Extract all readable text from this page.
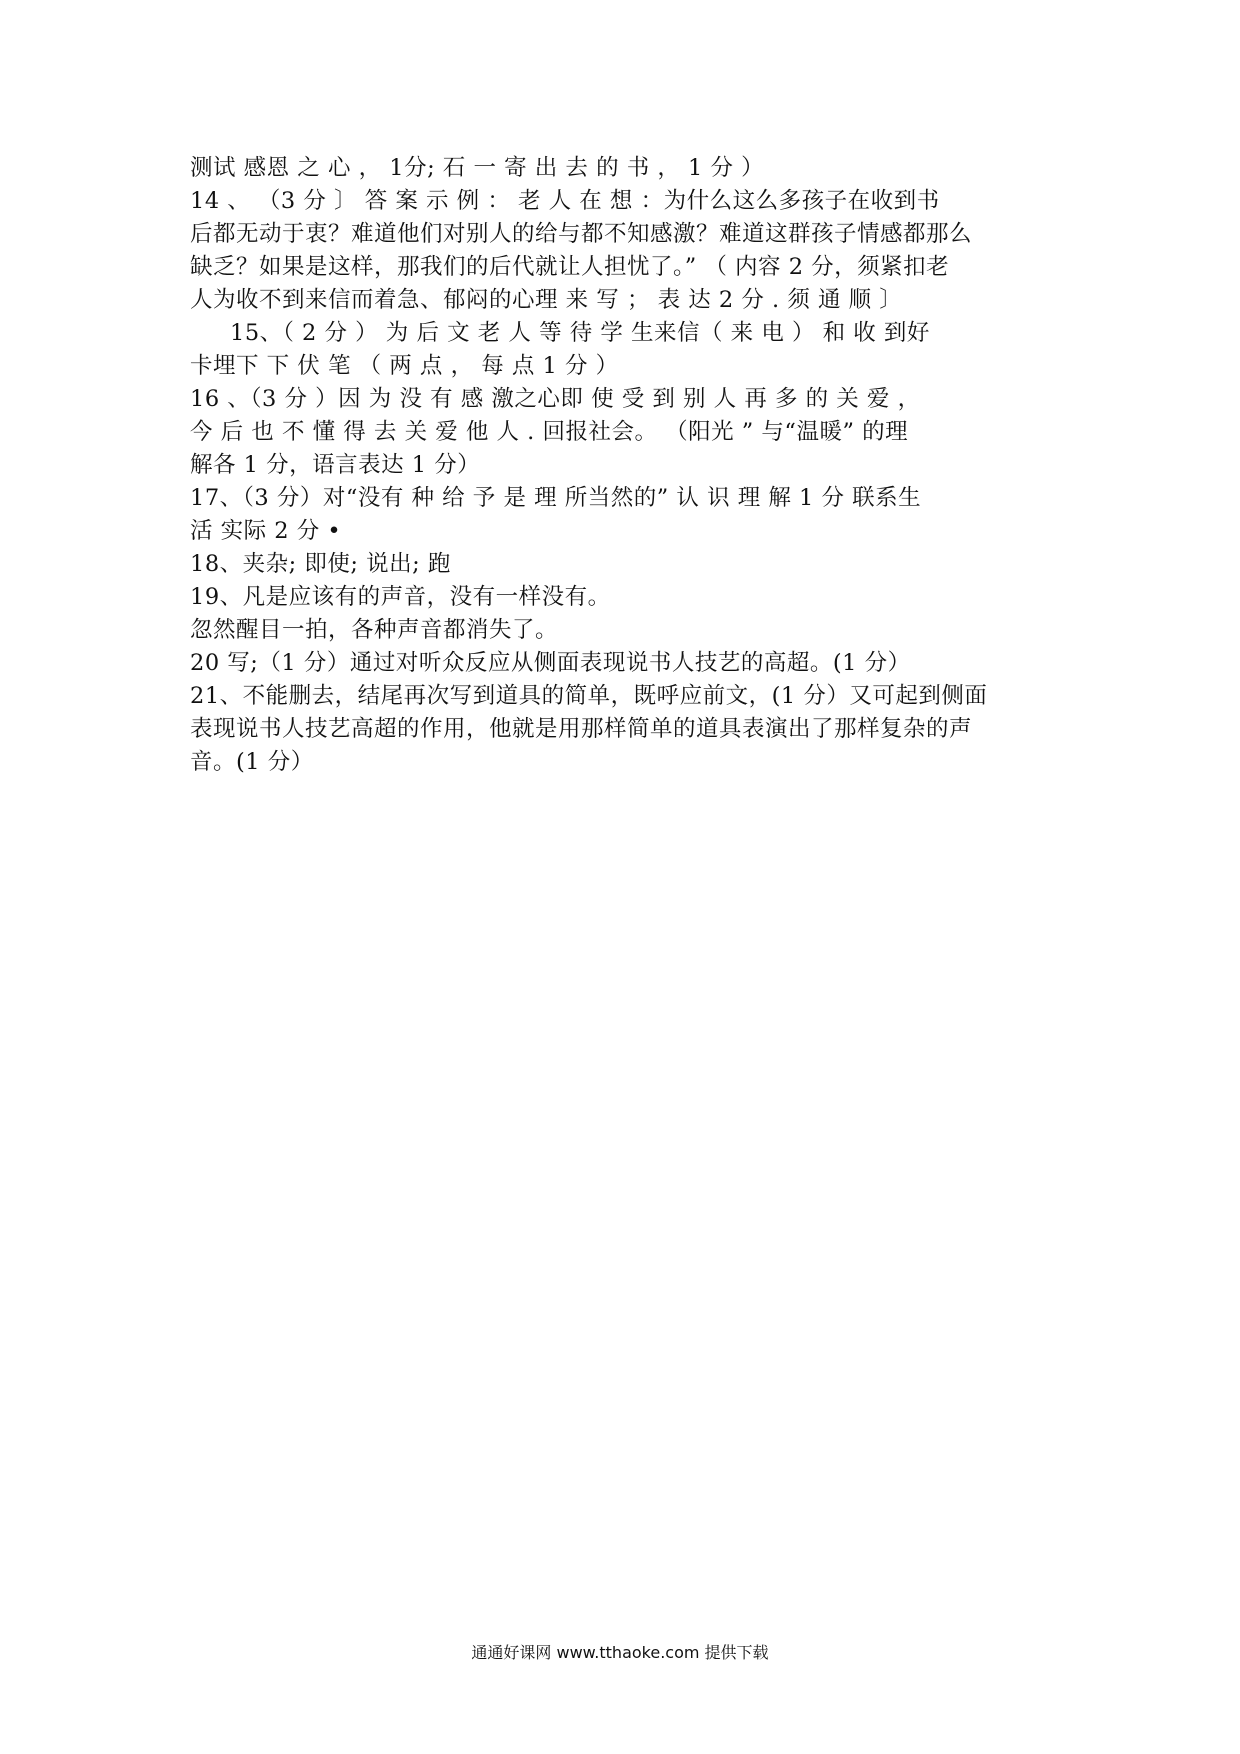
测试 感恩 之 心 ， 1分; 石 一 寄 出 去 的 书 ， 1 分 ）
14 、 （3 分 〕 答 案 示 例 ： 老 人 在 想 ：为什么这么多孩子在收到书
后都无动于衷？难道他们对别人的给与都不知感激？难道这群孩子情感都那么
缺乏？如果是这样，那我们的后代就让人担忧了。” （ 内容 2 分，须紧扣老
人为收不到来信而着急、郁闷的心理 来 写 ； 表 达 2 分 . 须 通 顺 〕
15、（ 2 分 ） 为 后 文 老 人 等 待 学 生来信（ 来 电 ） 和 收 到好
卡埋下 下 伏 笔 （ 两 点 ， 每 点 1 分 ）
16 、（3 分 ）因 为 没 有 感 激之心即 使 受 到 别 人 再 多 的 关 爱 ，
今 后 也 不 懂 得 去 关 爱 他 人 . 回报社会。 （阳光 ” 与“温暖” 的理
解各 1 分，语言表达 1 分）
17、（3 分）对“没有 种 给 予 是 理 所当然的” 认 识 理 解 1 分 联系生
活 实际 2 分 •
18、夹杂; 即使; 说出; 跑
19、凡是应该有的声音，没有一样没有。
忽然醒目一拍，各种声音都消失了。
20 写;（1 分）通过对听众反应从侧面表现说书人技艺的高超。(1 分）
21、不能删去，结尾再次写到道具的简单，既呼应前文，(1 分）又可起到侧面
表现说书人技艺高超的作用，他就是用那样简单的道具表演出了那样复杂的声
音。(1 分）
通通好课网 www.tthaoke.com 提供下载
